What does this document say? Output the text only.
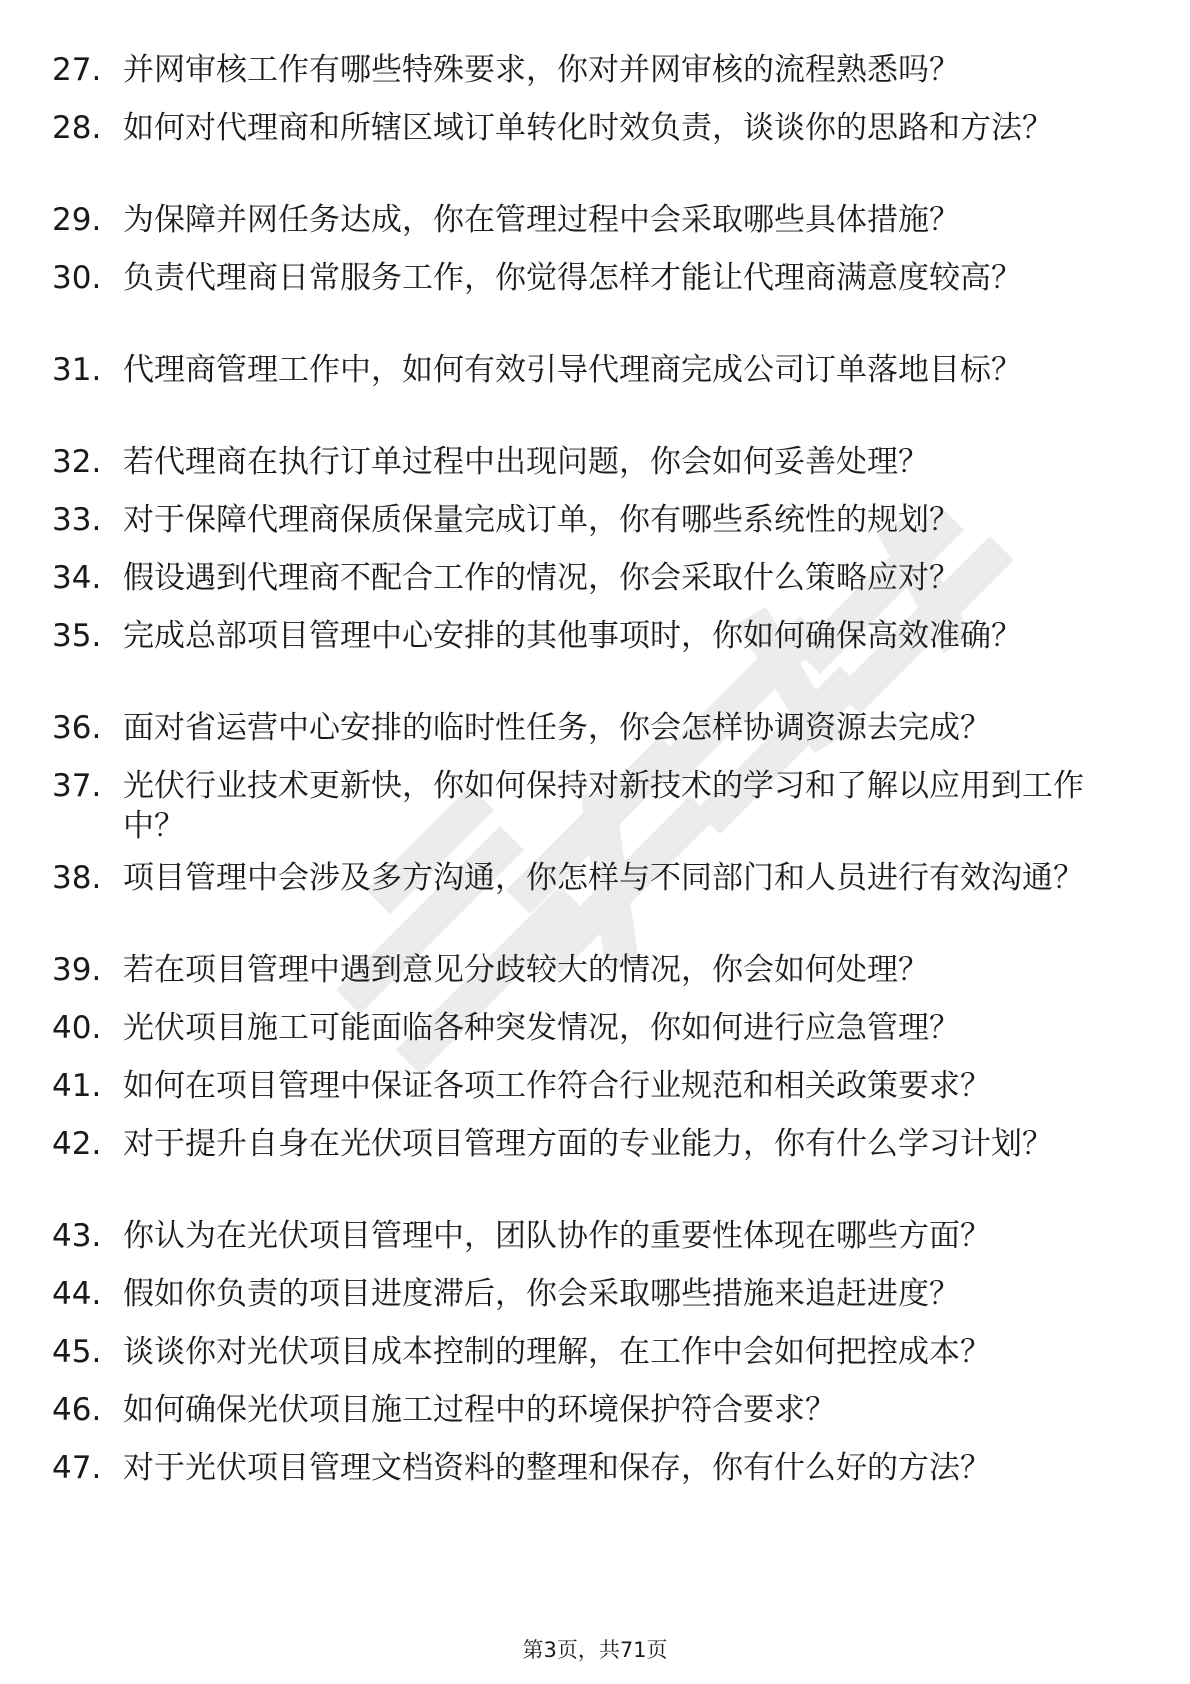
27. 并网审核工作有哪些特殊要求，你对并网审核的流程熟悉吗？
28. 如何对代理商和所辖区域订单转化时效负责，谈谈你的思路和方法？
29. 为保障并网任务达成，你在管理过程中会采取哪些具体措施？
30. 负责代理商日常服务工作，你觉得怎样才能让代理商满意度较高？
31. 代理商管理工作中，如何有效引导代理商完成公司订单落地目标？
32. 若代理商在执行订单过程中出现问题，你会如何妥善处理？
33. 对于保障代理商保质保量完成订单，你有哪些系统性的规划？
34. 假设遇到代理商不配合工作的情况，你会采取什么策略应对？
35. 完成总部项目管理中心安排的其他事项时，你如何确保高效准确？
36. 面对省运营中心安排的临时性任务，你会怎样协调资源去完成？
37. 光伏行业技术更新快，你如何保持对新技术的学习和了解以应用到工作中？
38. 项目管理中会涉及多方沟通，你怎样与不同部门和人员进行有效沟通？
39. 若在项目管理中遇到意见分歧较大的情况，你会如何处理？
40. 光伏项目施工可能面临各种突发情况，你如何进行应急管理？
41. 如何在项目管理中保证各项工作符合行业规范和相关政策要求？
42. 对于提升自身在光伏项目管理方面的专业能力，你有什么学习计划？
43. 你认为在光伏项目管理中，团队协作的重要性体现在哪些方面？
44. 假如你负责的项目进度滞后，你会采取哪些措施来追赶进度？
45. 谈谈你对光伏项目成本控制的理解，在工作中会如何把控成本？
46. 如何确保光伏项目施工过程中的环境保护符合要求？
47. 对于光伏项目管理文档资料的整理和保存，你有什么好的方法？
第3页，共71页
